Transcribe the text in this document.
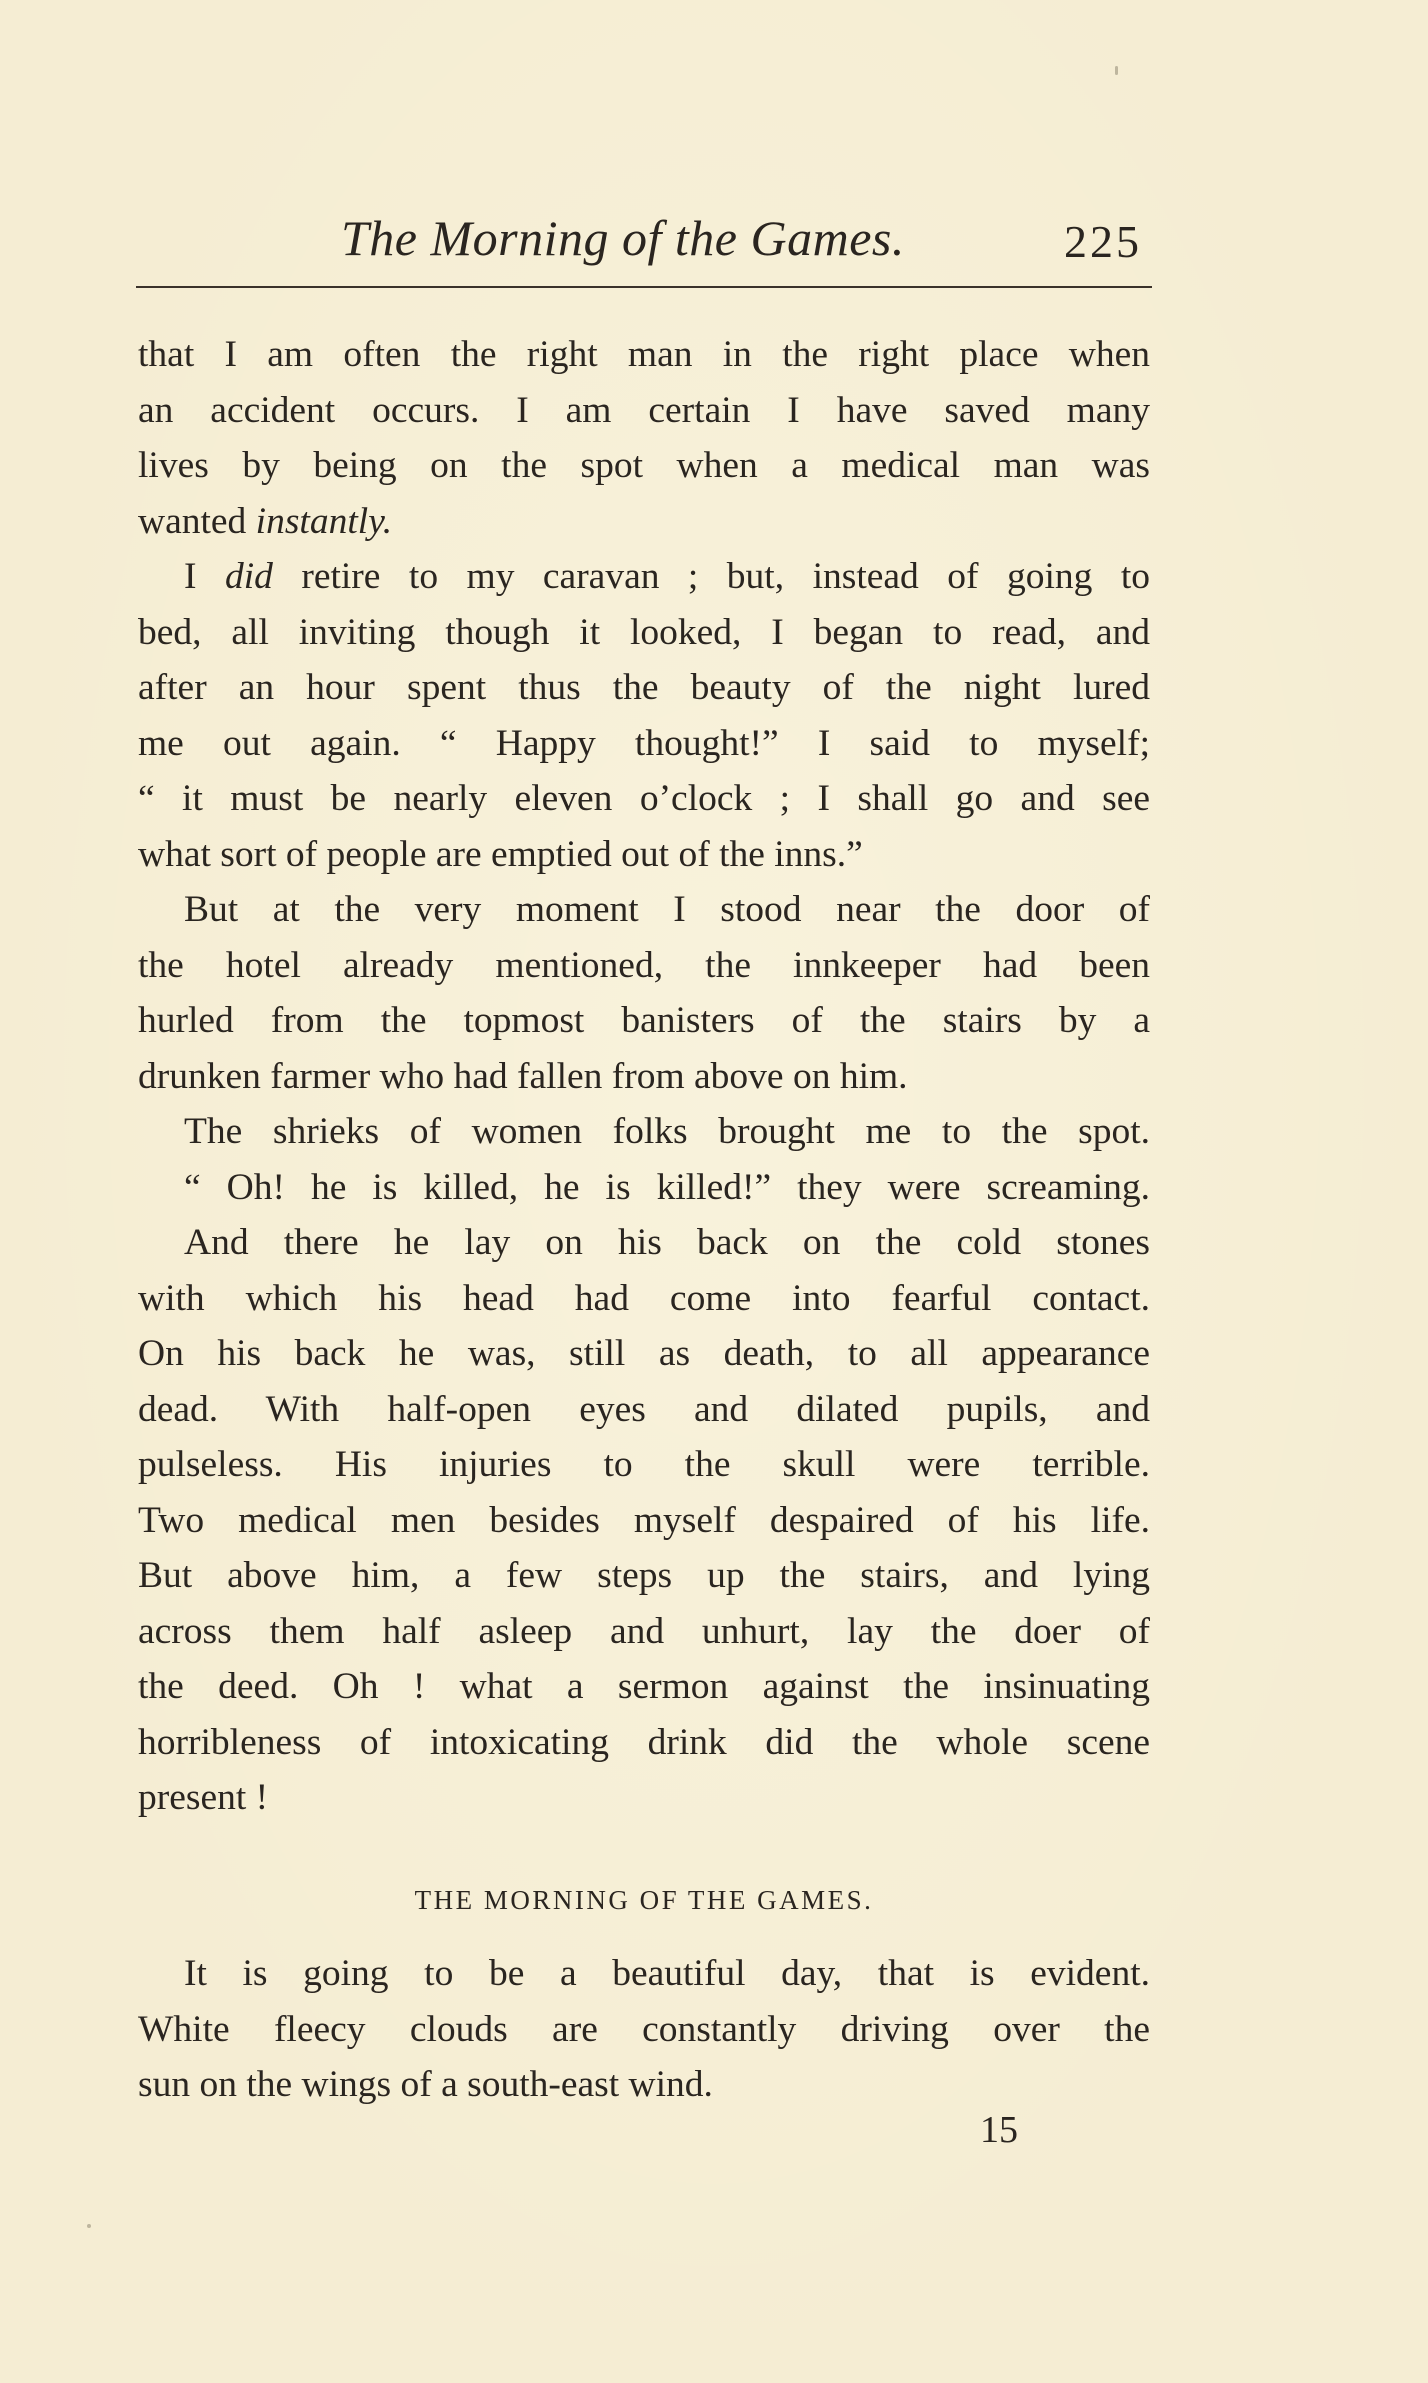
The Morning of the Games.	225
that I am often the right man in the right place when
an accident occurs. I am certain I have saved many
lives by being on the spot when a medical man was
wanted instantly.
I did retire to my caravan ; but, instead of going to
bed, all inviting though it looked, I began to read, and
after an hour spent thus the beauty of the night lured
me out again. “ Happy thought!” I said to myself;
“ it must be nearly eleven o’clock ; I shall go and see
what sort of people are emptied out of the inns.”
But at the very moment I stood near the door of
the hotel already mentioned, the innkeeper had been
hurled from the topmost banisters of the stairs by a
drunken farmer who had fallen from above on him.
The shrieks of women folks brought me to the spot.
“ Oh! he is killed, he is killed!” they were screaming.
And there he lay on his back on the cold stones
with which his head had come into fearful contact.
On his back he was, still as death, to all appearance
dead. With half-open eyes and dilated pupils, and
pulseless. His injuries to the skull were terrible.
Two medical men besides myself despaired of his life.
But above him, a few steps up the stairs, and lying
across them half asleep and unhurt, lay the doer of
the deed. Oh ! what a sermon against the insinuating
horribleness of intoxicating drink did the whole scene
present !
THE MORNING OF THE GAMES.
It is going to be a beautiful day, that is evident.
White fleecy clouds are constantly driving over the
sun on the wings of a south-east wind.
15
